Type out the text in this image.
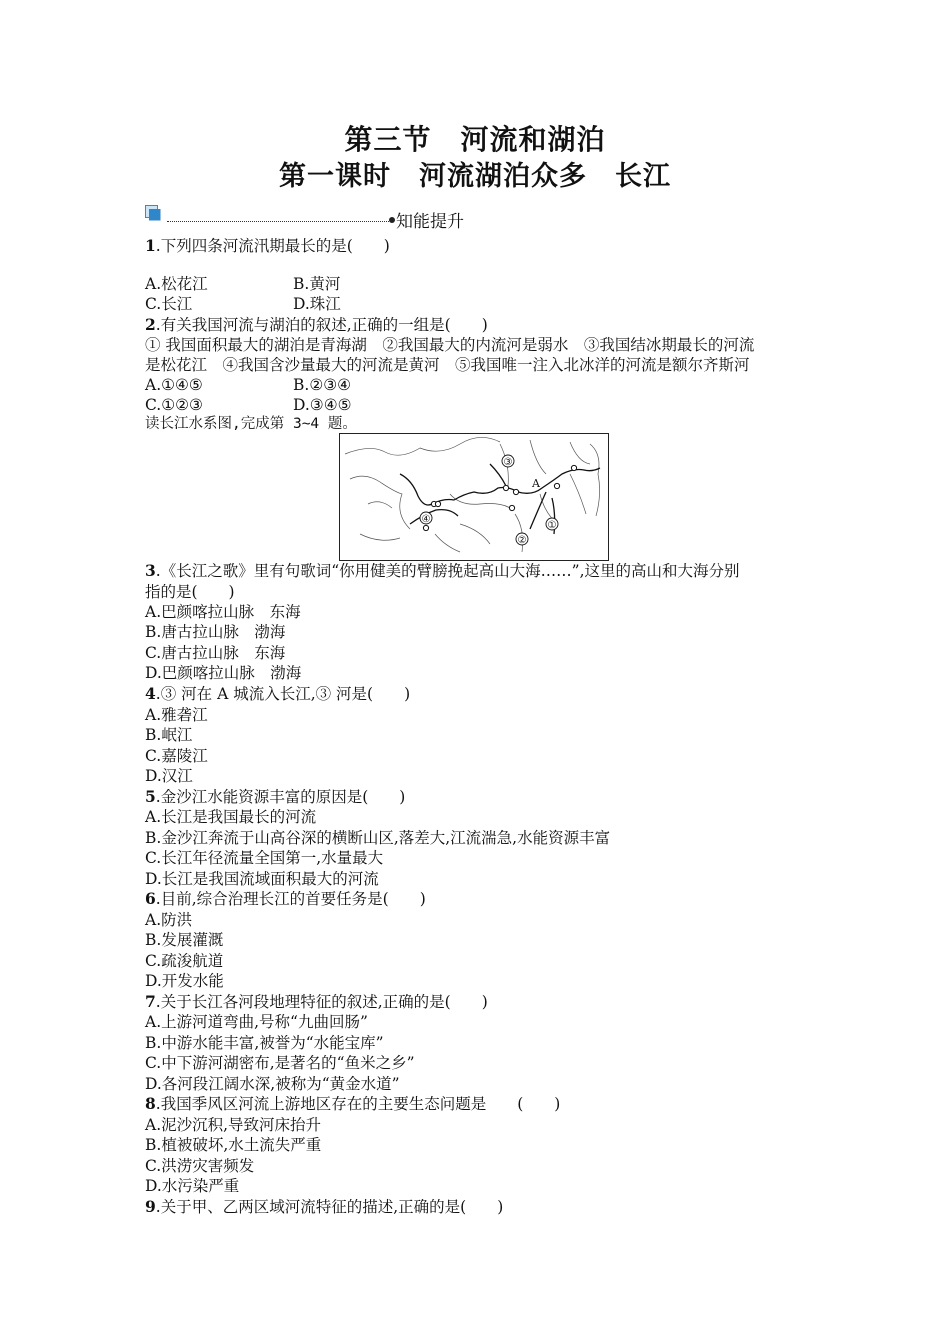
第三节　河流和湖泊
第一课时　河流湖泊众多　长江
知能提升
1.下列四条河流汛期最长的是(　　)
A.松花江	B.黄河
C.长江	D.珠江
2.有关我国河流与湖泊的叙述,正确的一组是(　　)
① 我国面积最大的湖泊是青海湖　②我国最大的内流河是弱水　③我国结冰期最长的河流
是松花江　④我国含沙量最大的河流是黄河　⑤我国唯一注入北冰洋的河流是额尔齐斯河
A.①④⑤	B.②③④
C.①②③	D.③④⑤
读长江水系图,完成第 3~4 题。
③
④
②
①
A
3.《长江之歌》里有句歌词“你用健美的臂膀挽起高山大海……”,这里的高山和大海分别
指的是(　　)
A.巴颜喀拉山脉　东海
B.唐古拉山脉　渤海
C.唐古拉山脉　东海
D.巴颜喀拉山脉　渤海
4.③ 河在 A 城流入长江,③ 河是(　　)
A.雅砻江
B.岷江
C.嘉陵江
D.汉江
5.金沙江水能资源丰富的原因是(　　)
A.长江是我国最长的河流
B.金沙江奔流于山高谷深的横断山区,落差大,江流湍急,水能资源丰富
C.长江年径流量全国第一,水量最大
D.长江是我国流域面积最大的河流
6.目前,综合治理长江的首要任务是(　　)
A.防洪
B.发展灌溉
C.疏浚航道
D.开发水能
7.关于长江各河段地理特征的叙述,正确的是(　　)
A.上游河道弯曲,号称“九曲回肠”
B.中游水能丰富,被誉为“水能宝库”
C.中下游河湖密布,是著名的“鱼米之乡”
D.各河段江阔水深,被称为“黄金水道”
8.我国季风区河流上游地区存在的主要生态问题是　　(　　)
A.泥沙沉积,导致河床抬升
B.植被破坏,水土流失严重
C.洪涝灾害频发
D.水污染严重
9.关于甲、乙两区域河流特征的描述,正确的是(　　)
